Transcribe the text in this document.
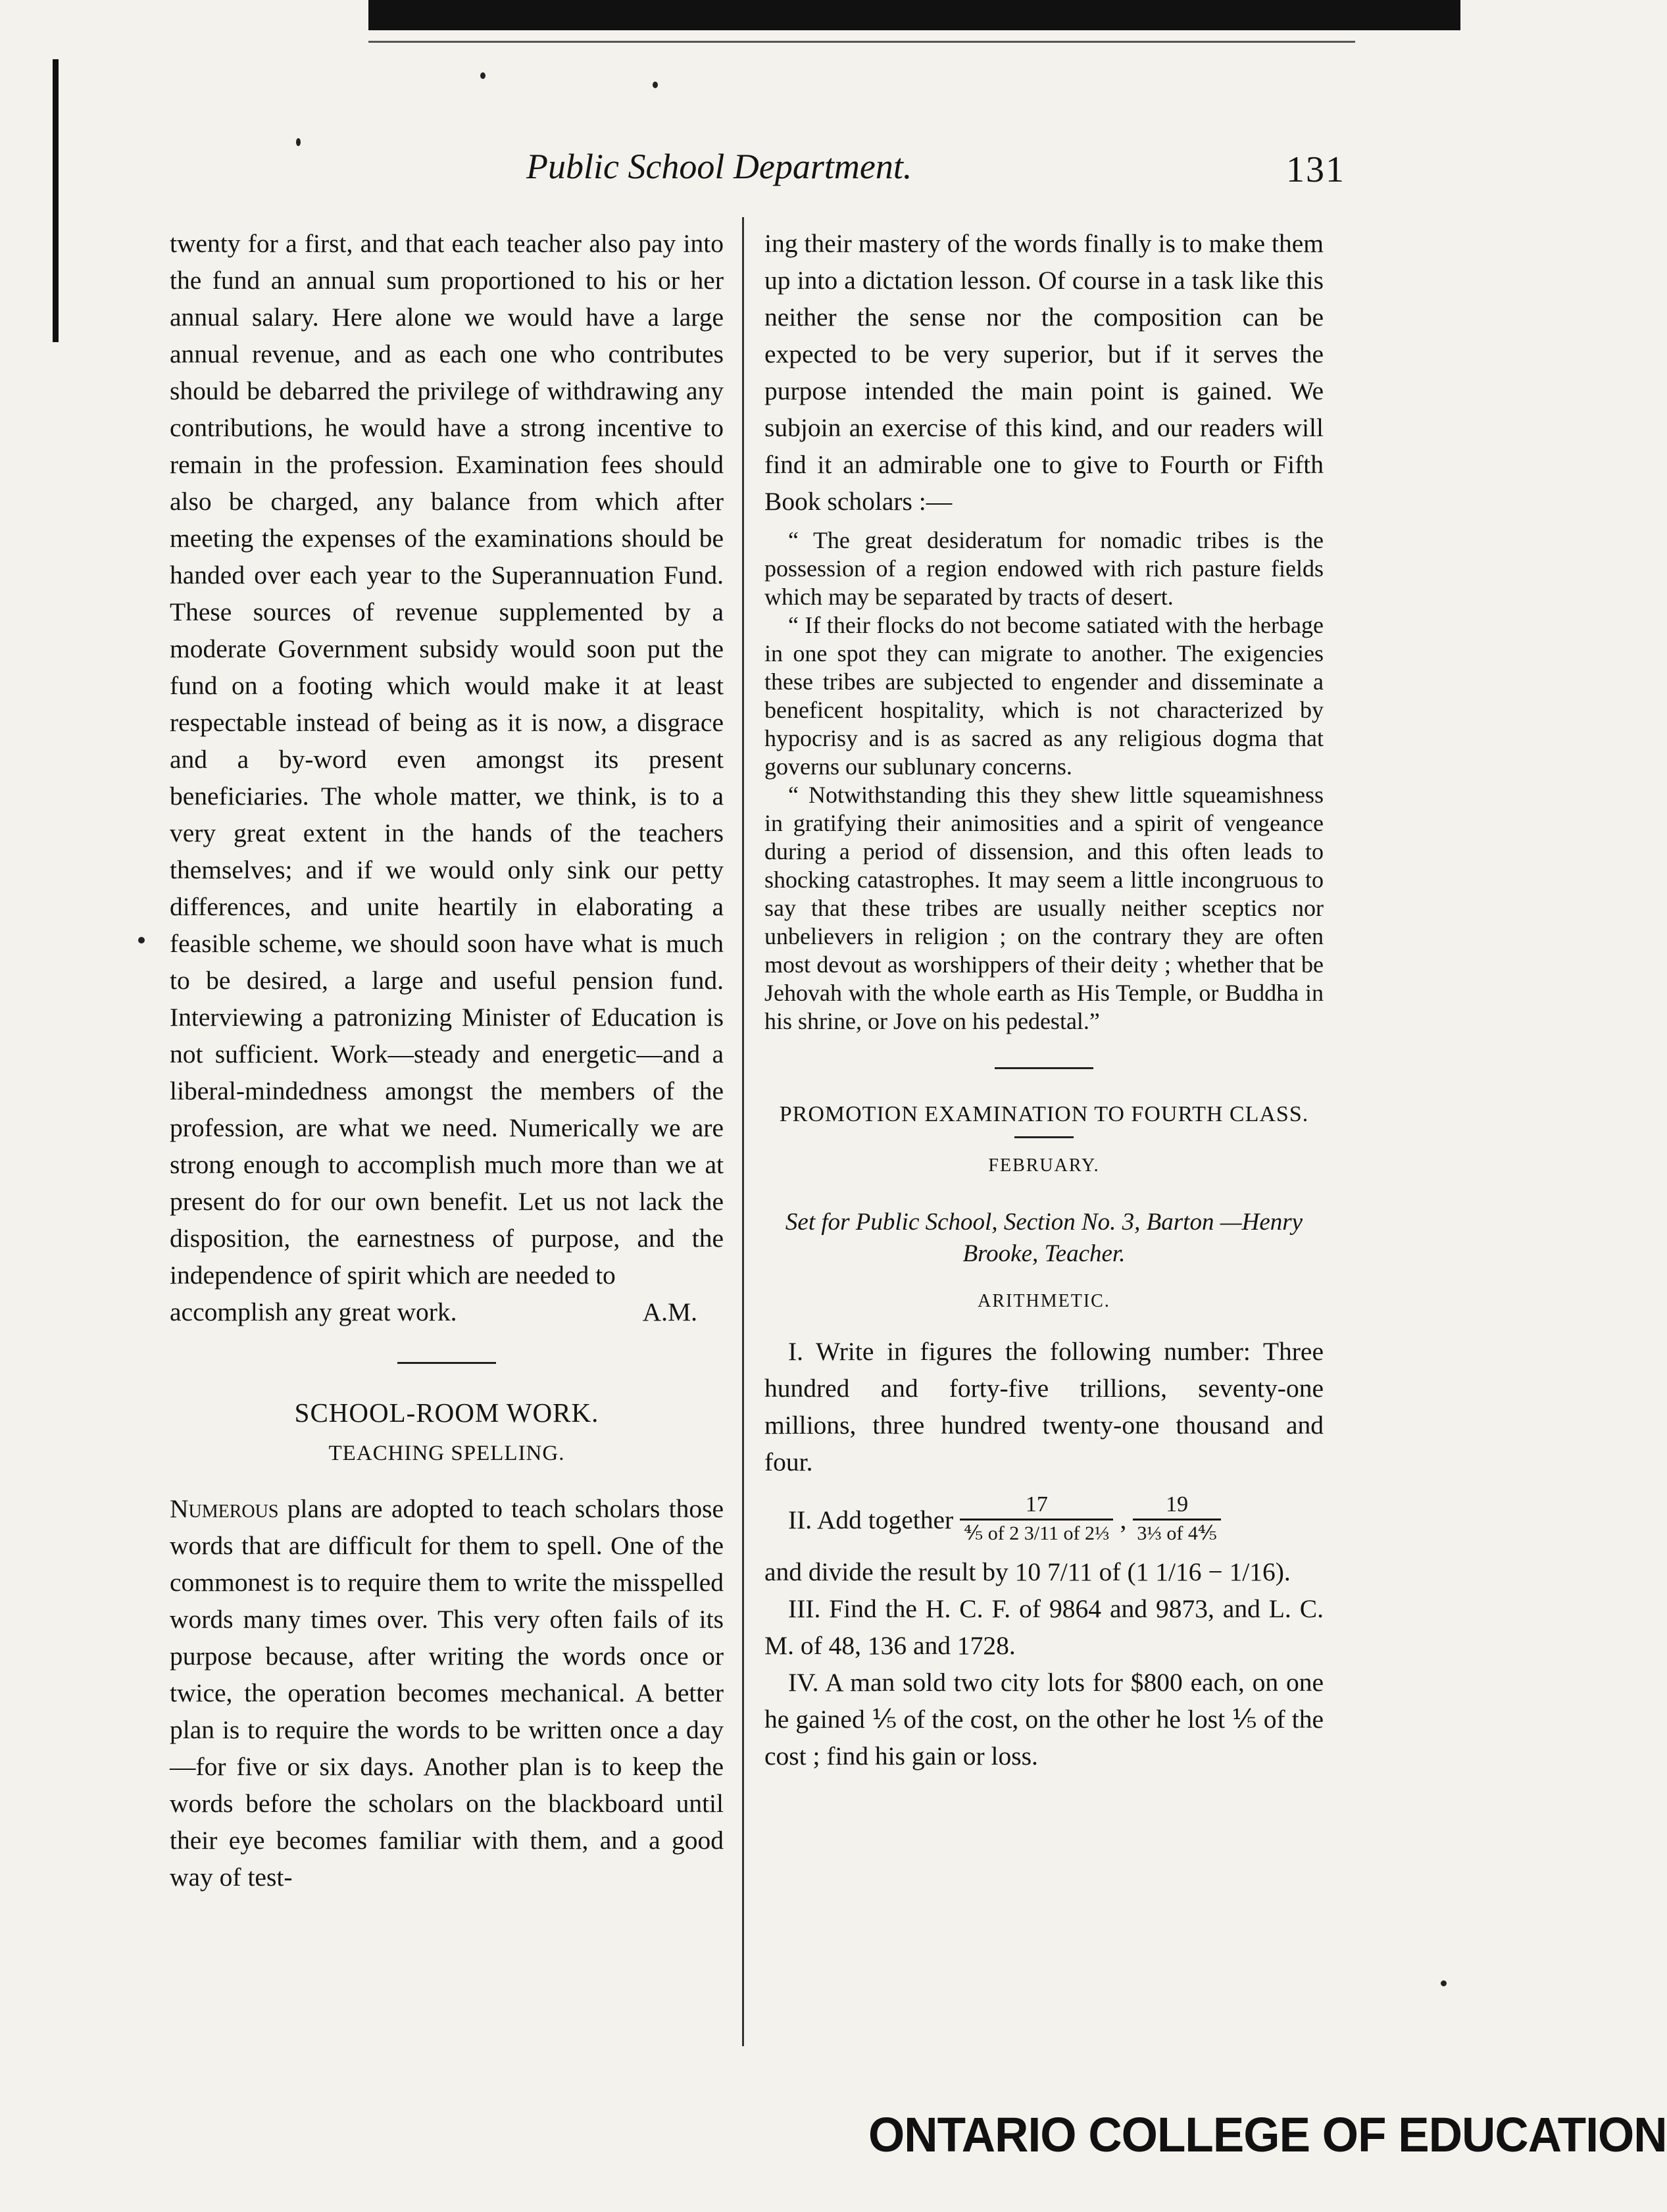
Public School Department.	131

twenty for a first, and that each teacher also pay into the fund an annual sum proportioned to his or her annual salary. Here alone we would have a large annual revenue, and as each one who contributes should be debarred the privilege of withdrawing any contributions, he would have a strong incentive to remain in the profession. Examination fees should also be charged, any balance from which after meeting the expenses of the examinations should be handed over each year to the Superannuation Fund. These sources of revenue supplemented by a moderate Government subsidy would soon put the fund on a footing which would make it at least respectable instead of being as it is now, a disgrace and a by-word even amongst its present beneficiaries. The whole matter, we think, is to a very great extent in the hands of the teachers themselves; and if we would only sink our petty differences, and unite heartily in elaborating a feasible scheme, we should soon have what is much to be desired, a large and useful pension fund. Interviewing a patronizing Minister of Education is not sufficient. Work—steady and energetic—and a liberal-mindedness amongst the members of the profession, are what we need. Numerically we are strong enough to accomplish much more than we at present do for our own benefit. Let us not lack the disposition, the earnestness of purpose, and the independence of spirit which are needed to

accomplish any great work.	A.M.
SCHOOL-ROOM WORK.
TEACHING SPELLING.

Numerous plans are adopted to teach scholars those words that are difficult for them to spell. One of the commonest is to require them to write the misspelled words many times over. This very often fails of its purpose because, after writing the words once or twice, the operation becomes mechanical. A better plan is to require the words to be written once a day—for five or six days. Another plan is to keep the words before the scholars on the blackboard until their eye becomes familiar with them, and a good way of test-

ing their mastery of the words finally is to make them up into a dictation lesson. Of course in a task like this neither the sense nor the composition can be expected to be very superior, but if it serves the purpose intended the main point is gained. We subjoin an exercise of this kind, and our readers will find it an admirable one to give to Fourth or Fifth Book scholars :—

“ The great desideratum for nomadic tribes is the possession of a region endowed with rich pasture fields which may be separated by tracts of desert.

“ If their flocks do not become satiated with the herbage in one spot they can migrate to another. The exigencies these tribes are subjected to engender and disseminate a beneficent hospitality, which is not characterized by hypocrisy and is as sacred as any religious dogma that governs our sublunary concerns.

“ Notwithstanding this they shew little squeamishness in gratifying their animosities and a spirit of vengeance during a period of dissension, and this often leads to shocking catastrophes. It may seem a little incongruous to say that these tribes are usually neither sceptics nor unbelievers in religion ; on the contrary they are often most devout as worshippers of their deity ; whether that be Jehovah with the whole earth as His Temple, or Buddha in his shrine, or Jove on his pedestal.”

PROMOTION EXAMINATION TO FOURTH CLASS.
FEBRUARY.
Set for Public School, Section No. 3, Barton —Henry Brooke, Teacher.
ARITHMETIC.

I. Write in figures the following number: Three hundred and forty-five trillions, seventy-one millions, three hundred twenty-one thousand and four.

II. Add together $\frac{17}{\text{⅘ of 2 3/11 of 2⅓}}$ , $\frac{19}{\text{3⅓ of 4⅘}}$

and divide the result by 10 7/11 of (1 1/16 − 1/16).

III. Find the H. C. F. of 9864 and 9873, and L. C. M. of 48, 136 and 1728.

IV. A man sold two city lots for $800 each, on one he gained ⅕ of the cost, on the other he lost ⅕ of the cost ; find his gain or loss.

ONTARIO COLLEGE OF EDUCATION
